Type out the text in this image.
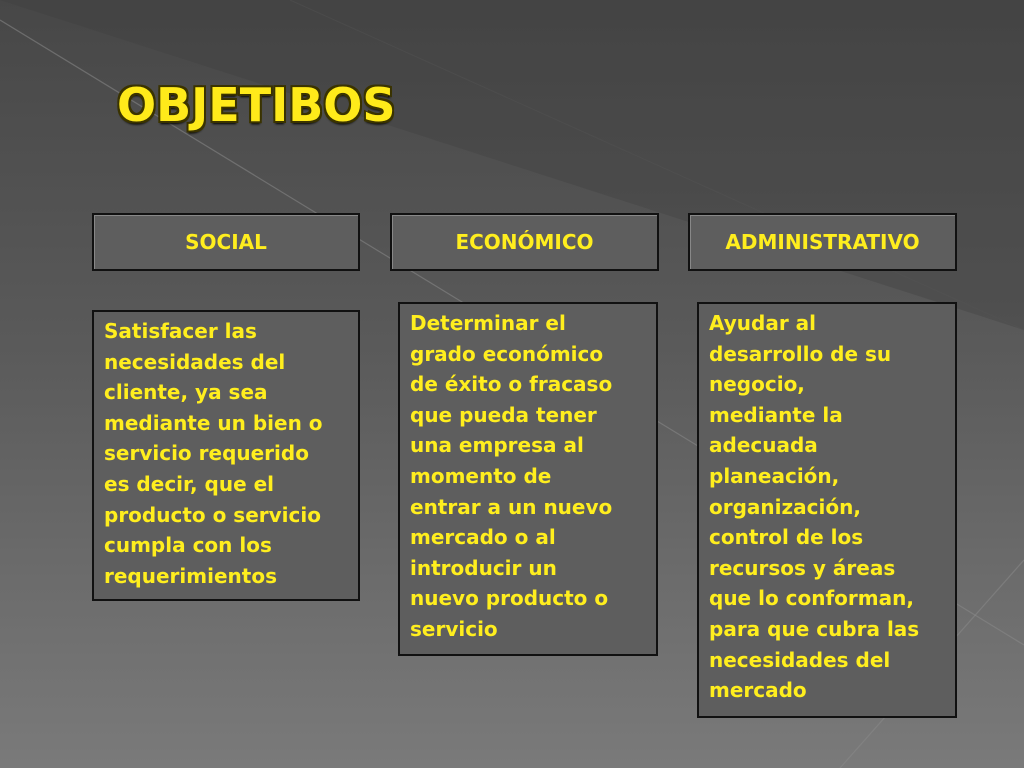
OBJETIBOS
SOCIAL	ECONÓMICO	ADMINISTRATIVO
Satisfacer las
necesidades del
cliente, ya sea
mediante un bien o
servicio requerido
es decir, que el
producto o servicio
cumpla con los
requerimientos
Determinar el
grado económico
de éxito o fracaso
que pueda tener
una empresa al
momento de
entrar a un nuevo
mercado o al
introducir un
nuevo producto o
servicio
Ayudar al
desarrollo de su
negocio,
mediante la
adecuada
planeación,
organización,
control de los
recursos y áreas
que lo conforman,
para que cubra las
necesidades del
mercado
